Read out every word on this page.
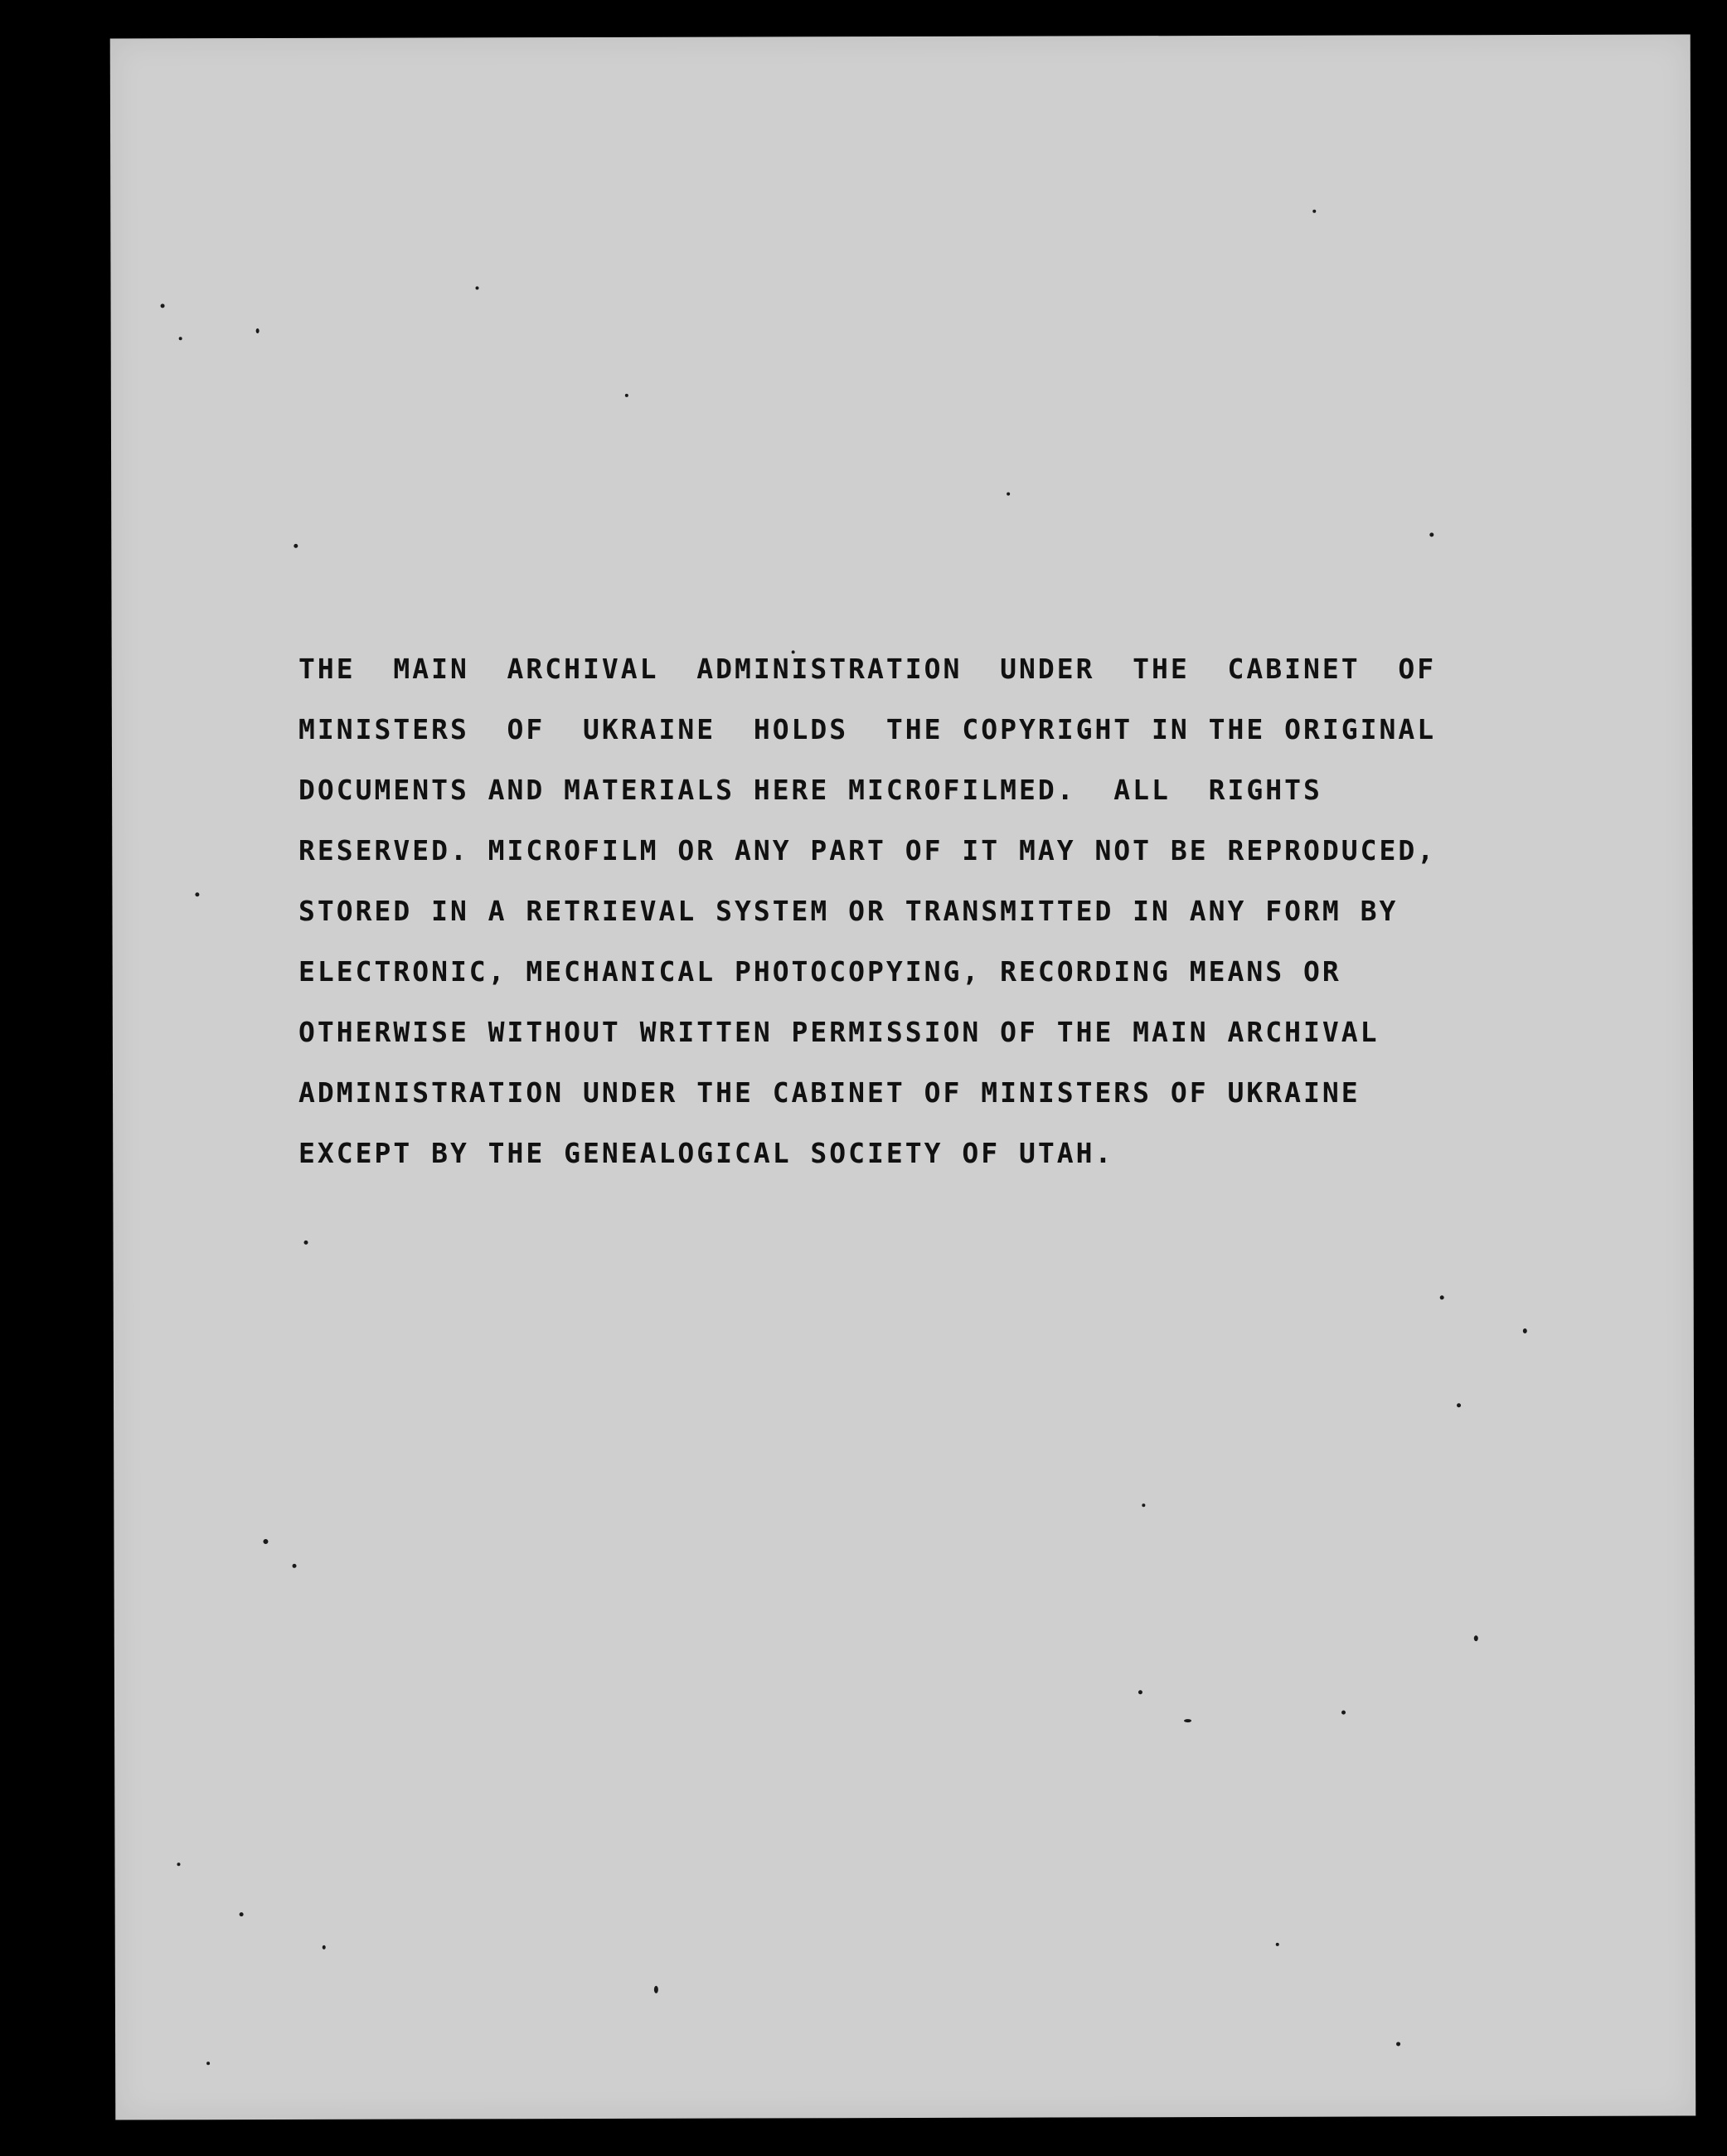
THE  MAIN  ARCHIVAL  ADMINISTRATION  UNDER  THE  CABINET  OF
MINISTERS  OF  UKRAINE  HOLDS  THE COPYRIGHT IN THE ORIGINAL
DOCUMENTS AND MATERIALS HERE MICROFILMED.  ALL  RIGHTS
RESERVED. MICROFILM OR ANY PART OF IT MAY NOT BE REPRODUCED,
STORED IN A RETRIEVAL SYSTEM OR TRANSMITTED IN ANY FORM BY
ELECTRONIC, MECHANICAL PHOTOCOPYING, RECORDING MEANS OR
OTHERWISE WITHOUT WRITTEN PERMISSION OF THE MAIN ARCHIVAL
ADMINISTRATION UNDER THE CABINET OF MINISTERS OF UKRAINE
EXCEPT BY THE GENEALOGICAL SOCIETY OF UTAH.
